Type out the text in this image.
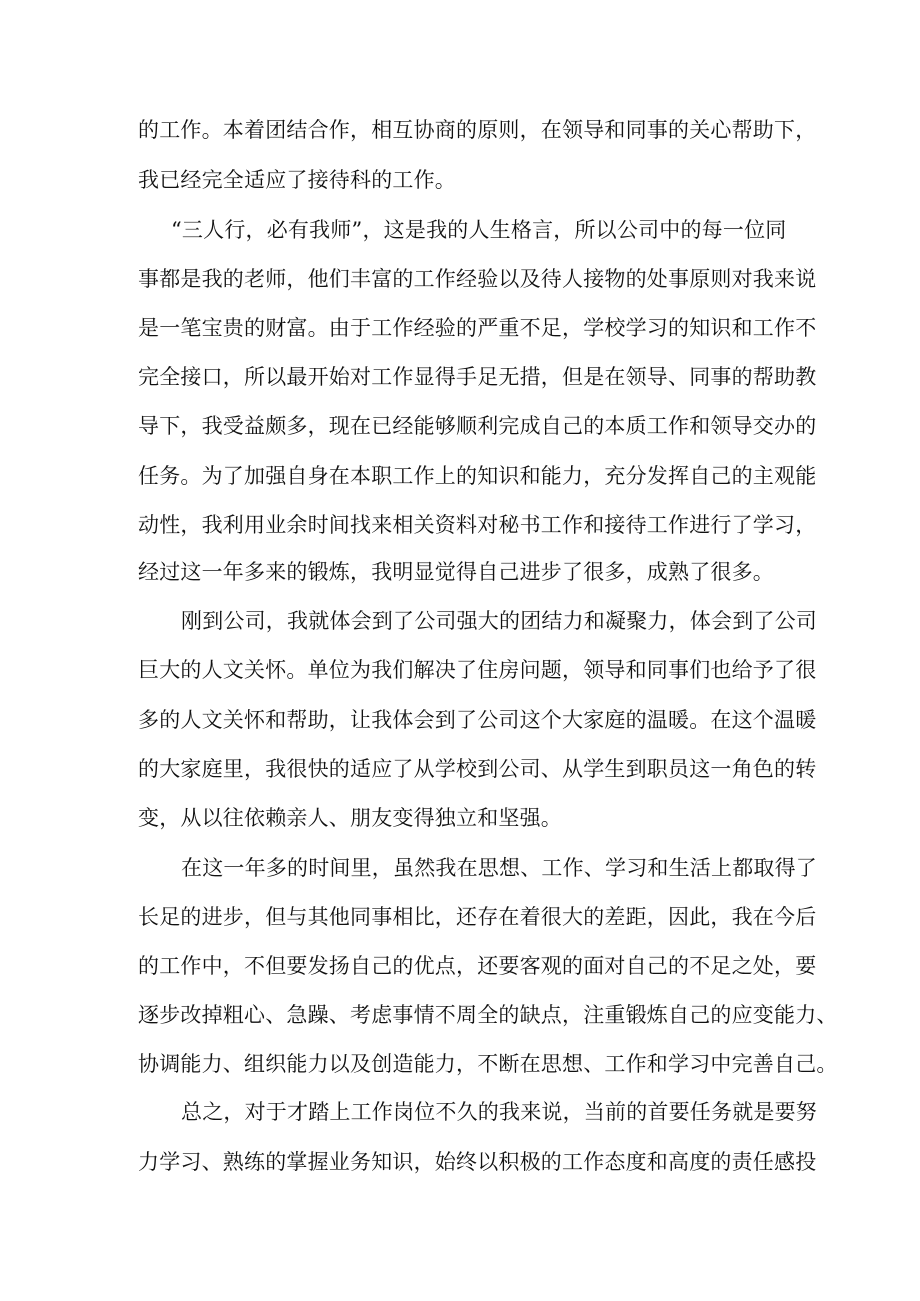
的工作。本着团结合作，相互协商的原则，在领导和同事的关心帮助下，
我已经完全适应了接待科的工作。
“三人行，必有我师”，这是我的人生格言，所以公司中的每一位同
事都是我的老师，他们丰富的工作经验以及待人接物的处事原则对我来说
是一笔宝贵的财富。由于工作经验的严重不足，学校学习的知识和工作不
完全接口，所以最开始对工作显得手足无措，但是在领导、同事的帮助教
导下，我受益颇多，现在已经能够顺利完成自己的本质工作和领导交办的
任务。为了加强自身在本职工作上的知识和能力，充分发挥自己的主观能
动性，我利用业余时间找来相关资料对秘书工作和接待工作进行了学习，
经过这一年多来的锻炼，我明显觉得自己进步了很多，成熟了很多。
刚到公司，我就体会到了公司强大的团结力和凝聚力，体会到了公司
巨大的人文关怀。单位为我们解决了住房问题，领导和同事们也给予了很
多的人文关怀和帮助，让我体会到了公司这个大家庭的温暖。在这个温暖
的大家庭里，我很快的适应了从学校到公司、从学生到职员这一角色的转
变，从以往依赖亲人、朋友变得独立和坚强。
在这一年多的时间里，虽然我在思想、工作、学习和生活上都取得了
长足的进步，但与其他同事相比，还存在着很大的差距，因此，我在今后
的工作中，不但要发扬自己的优点，还要客观的面对自己的不足之处，要
逐步改掉粗心、急躁、考虑事情不周全的缺点，注重锻炼自己的应变能力、
协调能力、组织能力以及创造能力，不断在思想、工作和学习中完善自己。
总之，对于才踏上工作岗位不久的我来说，当前的首要任务就是要努
力学习、熟练的掌握业务知识，始终以积极的工作态度和高度的责任感投
